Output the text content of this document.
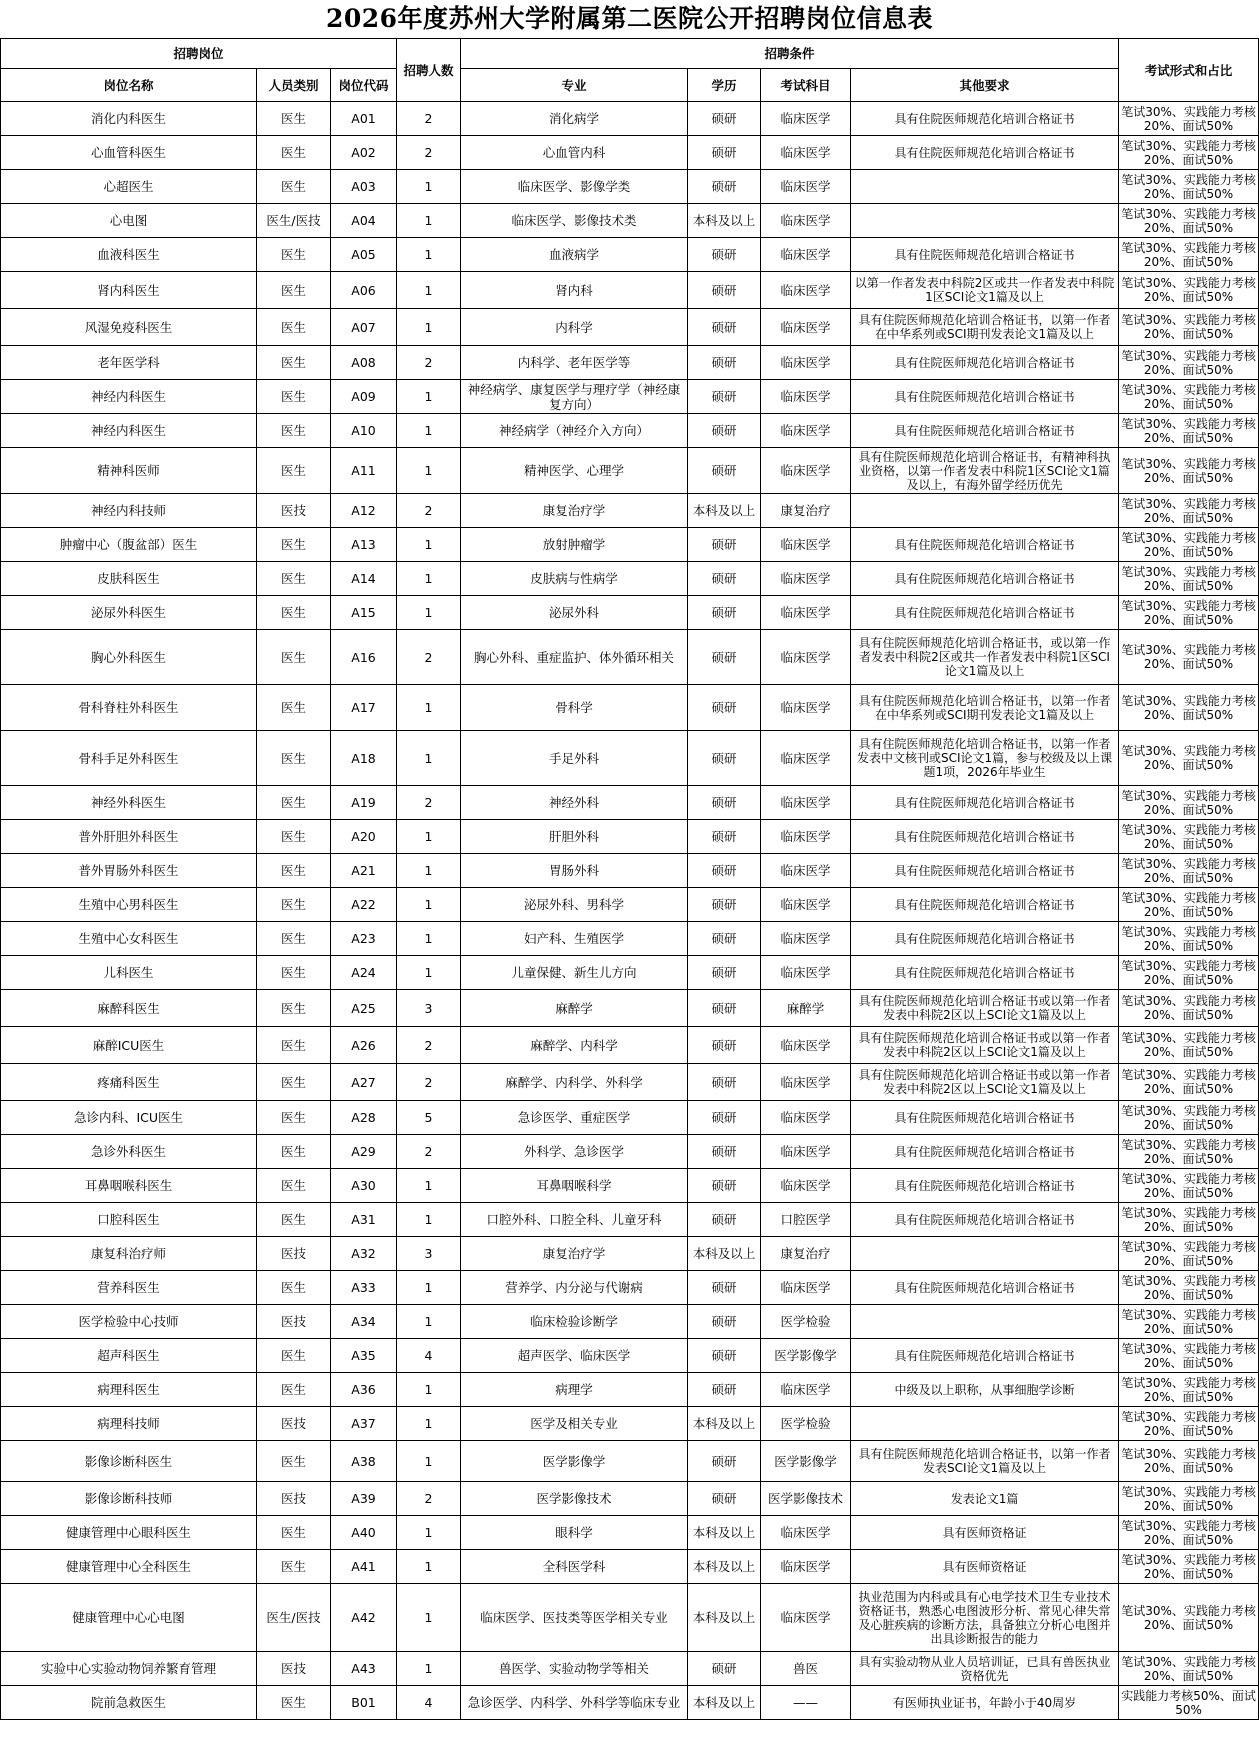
2026年度苏州大学附属第二医院公开招聘岗位信息表
招聘岗位			招聘人数	招聘条件				考试形式和占比
岗位名称	人员类别	岗位代码		专业	学历	考试科目	其他要求	
消化内科医生	医生	A01	2	消化病学	硕研	临床医学	具有住院医师规范化培训合格证书	笔试30%、实践能力考核20%、面试50%
心血管科医生	医生	A02	2	心血管内科	硕研	临床医学	具有住院医师规范化培训合格证书	笔试30%、实践能力考核20%、面试50%
心超医生	医生	A03	1	临床医学、影像学类	硕研	临床医学		笔试30%、实践能力考核20%、面试50%
心电图	医生/医技	A04	1	临床医学、影像技术类	本科及以上	临床医学		笔试30%、实践能力考核20%、面试50%
血液科医生	医生	A05	1	血液病学	硕研	临床医学	具有住院医师规范化培训合格证书	笔试30%、实践能力考核20%、面试50%
肾内科医生	医生	A06	1	肾内科	硕研	临床医学	以第一作者发表中科院2区或共一作者发表中科院1区SCI论文1篇及以上	笔试30%、实践能力考核20%、面试50%
风湿免疫科医生	医生	A07	1	内科学	硕研	临床医学	具有住院医师规范化培训合格证书，以第一作者在中华系列或SCI期刊发表论文1篇及以上	笔试30%、实践能力考核20%、面试50%
老年医学科	医生	A08	2	内科学、老年医学等	硕研	临床医学	具有住院医师规范化培训合格证书	笔试30%、实践能力考核20%、面试50%
神经内科医生	医生	A09	1	神经病学、康复医学与理疗学（神经康复方向）	硕研	临床医学	具有住院医师规范化培训合格证书	笔试30%、实践能力考核20%、面试50%
神经内科医生	医生	A10	1	神经病学（神经介入方向）	硕研	临床医学	具有住院医师规范化培训合格证书	笔试30%、实践能力考核20%、面试50%
精神科医师	医生	A11	1	精神医学、心理学	硕研	临床医学	具有住院医师规范化培训合格证书，有精神科执业资格，以第一作者发表中科院1区SCI论文1篇及以上，有海外留学经历优先	笔试30%、实践能力考核20%、面试50%
神经内科技师	医技	A12	2	康复治疗学	本科及以上	康复治疗		笔试30%、实践能力考核20%、面试50%
肿瘤中心（腹盆部）医生	医生	A13	1	放射肿瘤学	硕研	临床医学	具有住院医师规范化培训合格证书	笔试30%、实践能力考核20%、面试50%
皮肤科医生	医生	A14	1	皮肤病与性病学	硕研	临床医学	具有住院医师规范化培训合格证书	笔试30%、实践能力考核20%、面试50%
泌尿外科医生	医生	A15	1	泌尿外科	硕研	临床医学	具有住院医师规范化培训合格证书	笔试30%、实践能力考核20%、面试50%
胸心外科医生	医生	A16	2	胸心外科、重症监护、体外循环相关	硕研	临床医学	具有住院医师规范化培训合格证书，或以第一作者发表中科院2区或共一作者发表中科院1区SCI论文1篇及以上	笔试30%、实践能力考核20%、面试50%
骨科脊柱外科医生	医生	A17	1	骨科学	硕研	临床医学	具有住院医师规范化培训合格证书，以第一作者在中华系列或SCI期刊发表论文1篇及以上	笔试30%、实践能力考核20%、面试50%
骨科手足外科医生	医生	A18	1	手足外科	硕研	临床医学	具有住院医师规范化培训合格证书，以第一作者发表中文核刊或SCI论文1篇，参与校级及以上课题1项，2026年毕业生	笔试30%、实践能力考核20%、面试50%
神经外科医生	医生	A19	2	神经外科	硕研	临床医学	具有住院医师规范化培训合格证书	笔试30%、实践能力考核20%、面试50%
普外肝胆外科医生	医生	A20	1	肝胆外科	硕研	临床医学	具有住院医师规范化培训合格证书	笔试30%、实践能力考核20%、面试50%
普外胃肠外科医生	医生	A21	1	胃肠外科	硕研	临床医学	具有住院医师规范化培训合格证书	笔试30%、实践能力考核20%、面试50%
生殖中心男科医生	医生	A22	1	泌尿外科、男科学	硕研	临床医学	具有住院医师规范化培训合格证书	笔试30%、实践能力考核20%、面试50%
生殖中心女科医生	医生	A23	1	妇产科、生殖医学	硕研	临床医学	具有住院医师规范化培训合格证书	笔试30%、实践能力考核20%、面试50%
儿科医生	医生	A24	1	儿童保健、新生儿方向	硕研	临床医学	具有住院医师规范化培训合格证书	笔试30%、实践能力考核20%、面试50%
麻醉科医生	医生	A25	3	麻醉学	硕研	麻醉学	具有住院医师规范化培训合格证书或以第一作者发表中科院2区以上SCI论文1篇及以上	笔试30%、实践能力考核20%、面试50%
麻醉ICU医生	医生	A26	2	麻醉学、内科学	硕研	临床医学	具有住院医师规范化培训合格证书或以第一作者发表中科院2区以上SCI论文1篇及以上	笔试30%、实践能力考核20%、面试50%
疼痛科医生	医生	A27	2	麻醉学、内科学、外科学	硕研	临床医学	具有住院医师规范化培训合格证书或以第一作者发表中科院2区以上SCI论文1篇及以上	笔试30%、实践能力考核20%、面试50%
急诊内科、ICU医生	医生	A28	5	急诊医学、重症医学	硕研	临床医学	具有住院医师规范化培训合格证书	笔试30%、实践能力考核20%、面试50%
急诊外科医生	医生	A29	2	外科学、急诊医学	硕研	临床医学	具有住院医师规范化培训合格证书	笔试30%、实践能力考核20%、面试50%
耳鼻咽喉科医生	医生	A30	1	耳鼻咽喉科学	硕研	临床医学	具有住院医师规范化培训合格证书	笔试30%、实践能力考核20%、面试50%
口腔科医生	医生	A31	1	口腔外科、口腔全科、儿童牙科	硕研	口腔医学	具有住院医师规范化培训合格证书	笔试30%、实践能力考核20%、面试50%
康复科治疗师	医技	A32	3	康复治疗学	本科及以上	康复治疗		笔试30%、实践能力考核20%、面试50%
营养科医生	医生	A33	1	营养学、内分泌与代谢病	硕研	临床医学	具有住院医师规范化培训合格证书	笔试30%、实践能力考核20%、面试50%
医学检验中心技师	医技	A34	1	临床检验诊断学	硕研	医学检验		笔试30%、实践能力考核20%、面试50%
超声科医生	医生	A35	4	超声医学、临床医学	硕研	医学影像学	具有住院医师规范化培训合格证书	笔试30%、实践能力考核20%、面试50%
病理科医生	医生	A36	1	病理学	硕研	临床医学	中级及以上职称，从事细胞学诊断	笔试30%、实践能力考核20%、面试50%
病理科技师	医技	A37	1	医学及相关专业	本科及以上	医学检验		笔试30%、实践能力考核20%、面试50%
影像诊断科医生	医生	A38	1	医学影像学	硕研	医学影像学	具有住院医师规范化培训合格证书，以第一作者发表SCI论文1篇及以上	笔试30%、实践能力考核20%、面试50%
影像诊断科技师	医技	A39	2	医学影像技术	硕研	医学影像技术	发表论文1篇	笔试30%、实践能力考核20%、面试50%
健康管理中心眼科医生	医生	A40	1	眼科学	本科及以上	临床医学	具有医师资格证	笔试30%、实践能力考核20%、面试50%
健康管理中心全科医生	医生	A41	1	全科医学科	本科及以上	临床医学	具有医师资格证	笔试30%、实践能力考核20%、面试50%
健康管理中心心电图	医生/医技	A42	1	临床医学、医技类等医学相关专业	本科及以上	临床医学	执业范围为内科或具有心电学技术卫生专业技术资格证书，熟悉心电图波形分析、常见心律失常及心脏疾病的诊断方法，具备独立分析心电图并出具诊断报告的能力	笔试30%、实践能力考核20%、面试50%
实验中心实验动物饲养繁育管理	医技	A43	1	兽医学、实验动物学等相关	硕研	兽医	具有实验动物从业人员培训证，已具有兽医执业资格优先	笔试30%、实践能力考核20%、面试50%
院前急救医生	医生	B01	4	急诊医学、内科学、外科学等临床专业	本科及以上	——	有医师执业证书，年龄小于40周岁	实践能力考核50%、面试50%
